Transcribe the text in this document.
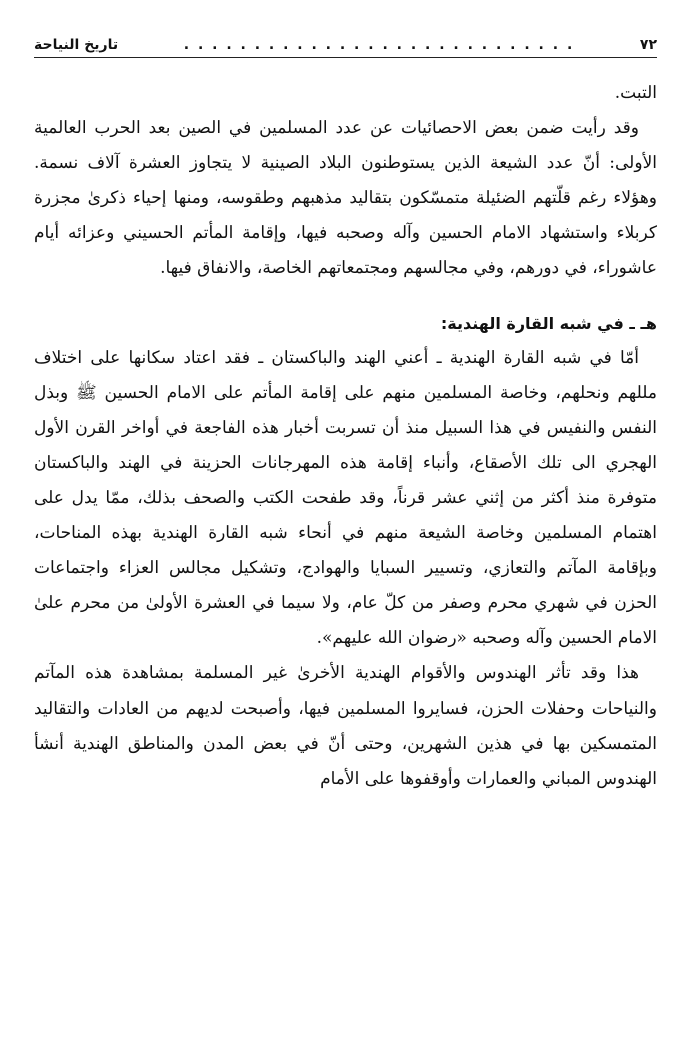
٧٢
. . . . . . . . . . . . . . . . . . . . . . . . . . . .
تاريخ النياحة

التبت.

وقد رأيت ضمن بعض الاحصائيات عن عدد المسلمين في الصين بعد الحرب العالمية الأولى: أنّ عدد الشيعة الذين يستوطنون البلاد الصينية لا يتجاوز العشرة آلاف نسمة. وهؤلاء رغم قلّتهم الضئيلة متمسّكون بتقاليد مذهبهم وطقوسه، ومنها إحياء ذكرىٰ مجزرة كربلاء واستشهاد الامام الحسين وآله وصحبه فيها، وإقامة المأتم الحسيني وعزائه أيام عاشوراء، في دورهم، وفي مجالسهم ومجتمعاتهم الخاصة، والانفاق فيها.

هـ ـ في شبه القارة الهندية:

أمّا في شبه القارة الهندية ـ أعني الهند والباكستان ـ فقد اعتاد سكانها على اختلاف مللهم ونحلهم، وخاصة المسلمين منهم على إقامة المأتم على الامام الحسين ﷺ وبذل النفس والنفيس في هذا السبيل منذ أن تسربت أخبار هذه الفاجعة في أواخر القرن الأول الهجري الى تلك الأصقاع، وأنباء إقامة هذه المهرجانات الحزينة في الهند والباكستان متوفرة منذ أكثر من إثني عشر قرناً، وقد طفحت الكتب والصحف بذلك، ممّا يدل على اهتمام المسلمين وخاصة الشيعة منهم في أنحاء شبه القارة الهندية بهذه المناحات، وبإقامة المآتم والتعازي، وتسيير السبايا والهوادج، وتشكيل مجالس العزاء واجتماعات الحزن في شهري محرم وصفر من كلّ عام، ولا سيما في العشرة الأولىٰ من محرم علىٰ الامام الحسين وآله وصحبه «رضوان الله عليهم».

هذا وقد تأثر الهندوس والأقوام الهندية الأخرىٰ غير المسلمة بمشاهدة هذه المآتم والنياحات وحفلات الحزن، فسايروا المسلمين فيها، وأصبحت لديهم من العادات والتقاليد المتمسكين بها في هذين الشهرين، وحتى أنّ في بعض المدن والمناطق الهندية أنشأ الهندوس المباني والعمارات وأوقفوها على الأمام
